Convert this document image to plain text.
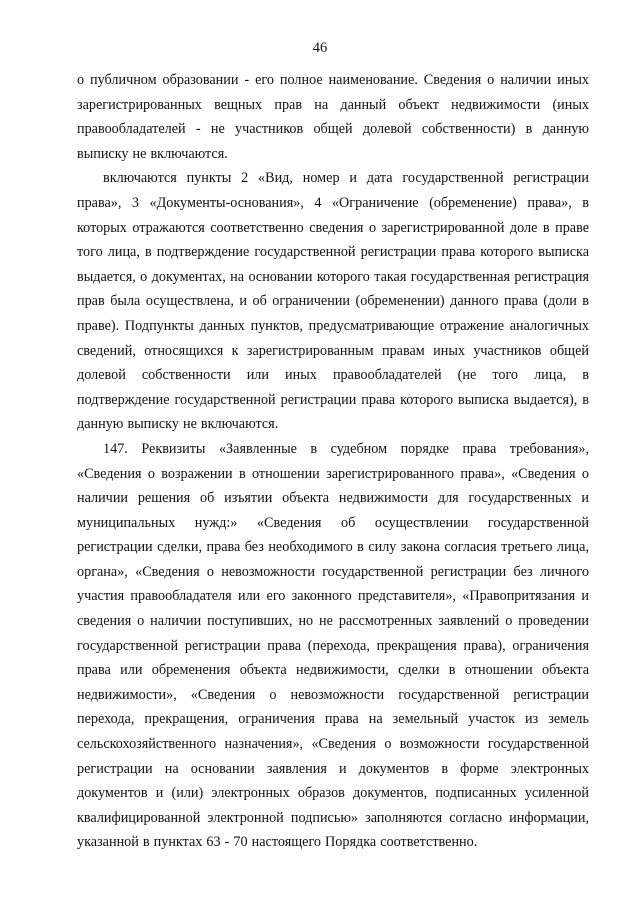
46

о публичном образовании - его полное наименование. Сведения о наличии иных зарегистрированных вещных прав на данный объект недвижимости (иных правообладателей - не участников общей долевой собственности) в данную выписку не включаются.

включаются пункты 2 «Вид, номер и дата государственной регистрации права», 3 «Документы-основания», 4 «Ограничение (обременение) права», в которых отражаются соответственно сведения о зарегистрированной доле в праве того лица, в подтверждение государственной регистрации права которого выписка выдается, о документах, на основании которого такая государственная регистрация прав была осуществлена, и об ограничении (обременении) данного права (доли в праве). Подпункты данных пунктов, предусматривающие отражение аналогичных сведений, относящихся к зарегистрированным правам иных участников общей долевой собственности или иных правообладателей (не того лица, в подтверждение государственной регистрации права которого выписка выдается), в данную выписку не включаются.

147. Реквизиты «Заявленные в судебном порядке права требования», «Сведения о возражении в отношении зарегистрированного права», «Сведения о наличии решения об изъятии объекта недвижимости для государственных и муниципальных нужд:» «Сведения об осуществлении государственной регистрации сделки, права без необходимого в силу закона согласия третьего лица, органа», «Сведения о невозможности государственной регистрации без личного участия правообладателя или его законного представителя», «Правопритязания и сведения о наличии поступивших, но не рассмотренных заявлений о проведении государственной регистрации права (перехода, прекращения права), ограничения права или обременения объекта недвижимости, сделки в отношении объекта недвижимости», «Сведения о невозможности государственной регистрации перехода, прекращения, ограничения права на земельный участок из земель сельскохозяйственного назначения», «Сведения о возможности государственной регистрации на основании заявления и документов в форме электронных документов и (или) электронных образов документов, подписанных усиленной квалифицированной электронной подписью» заполняются согласно информации, указанной в пунктах 63 - 70 настоящего Порядка соответственно.
